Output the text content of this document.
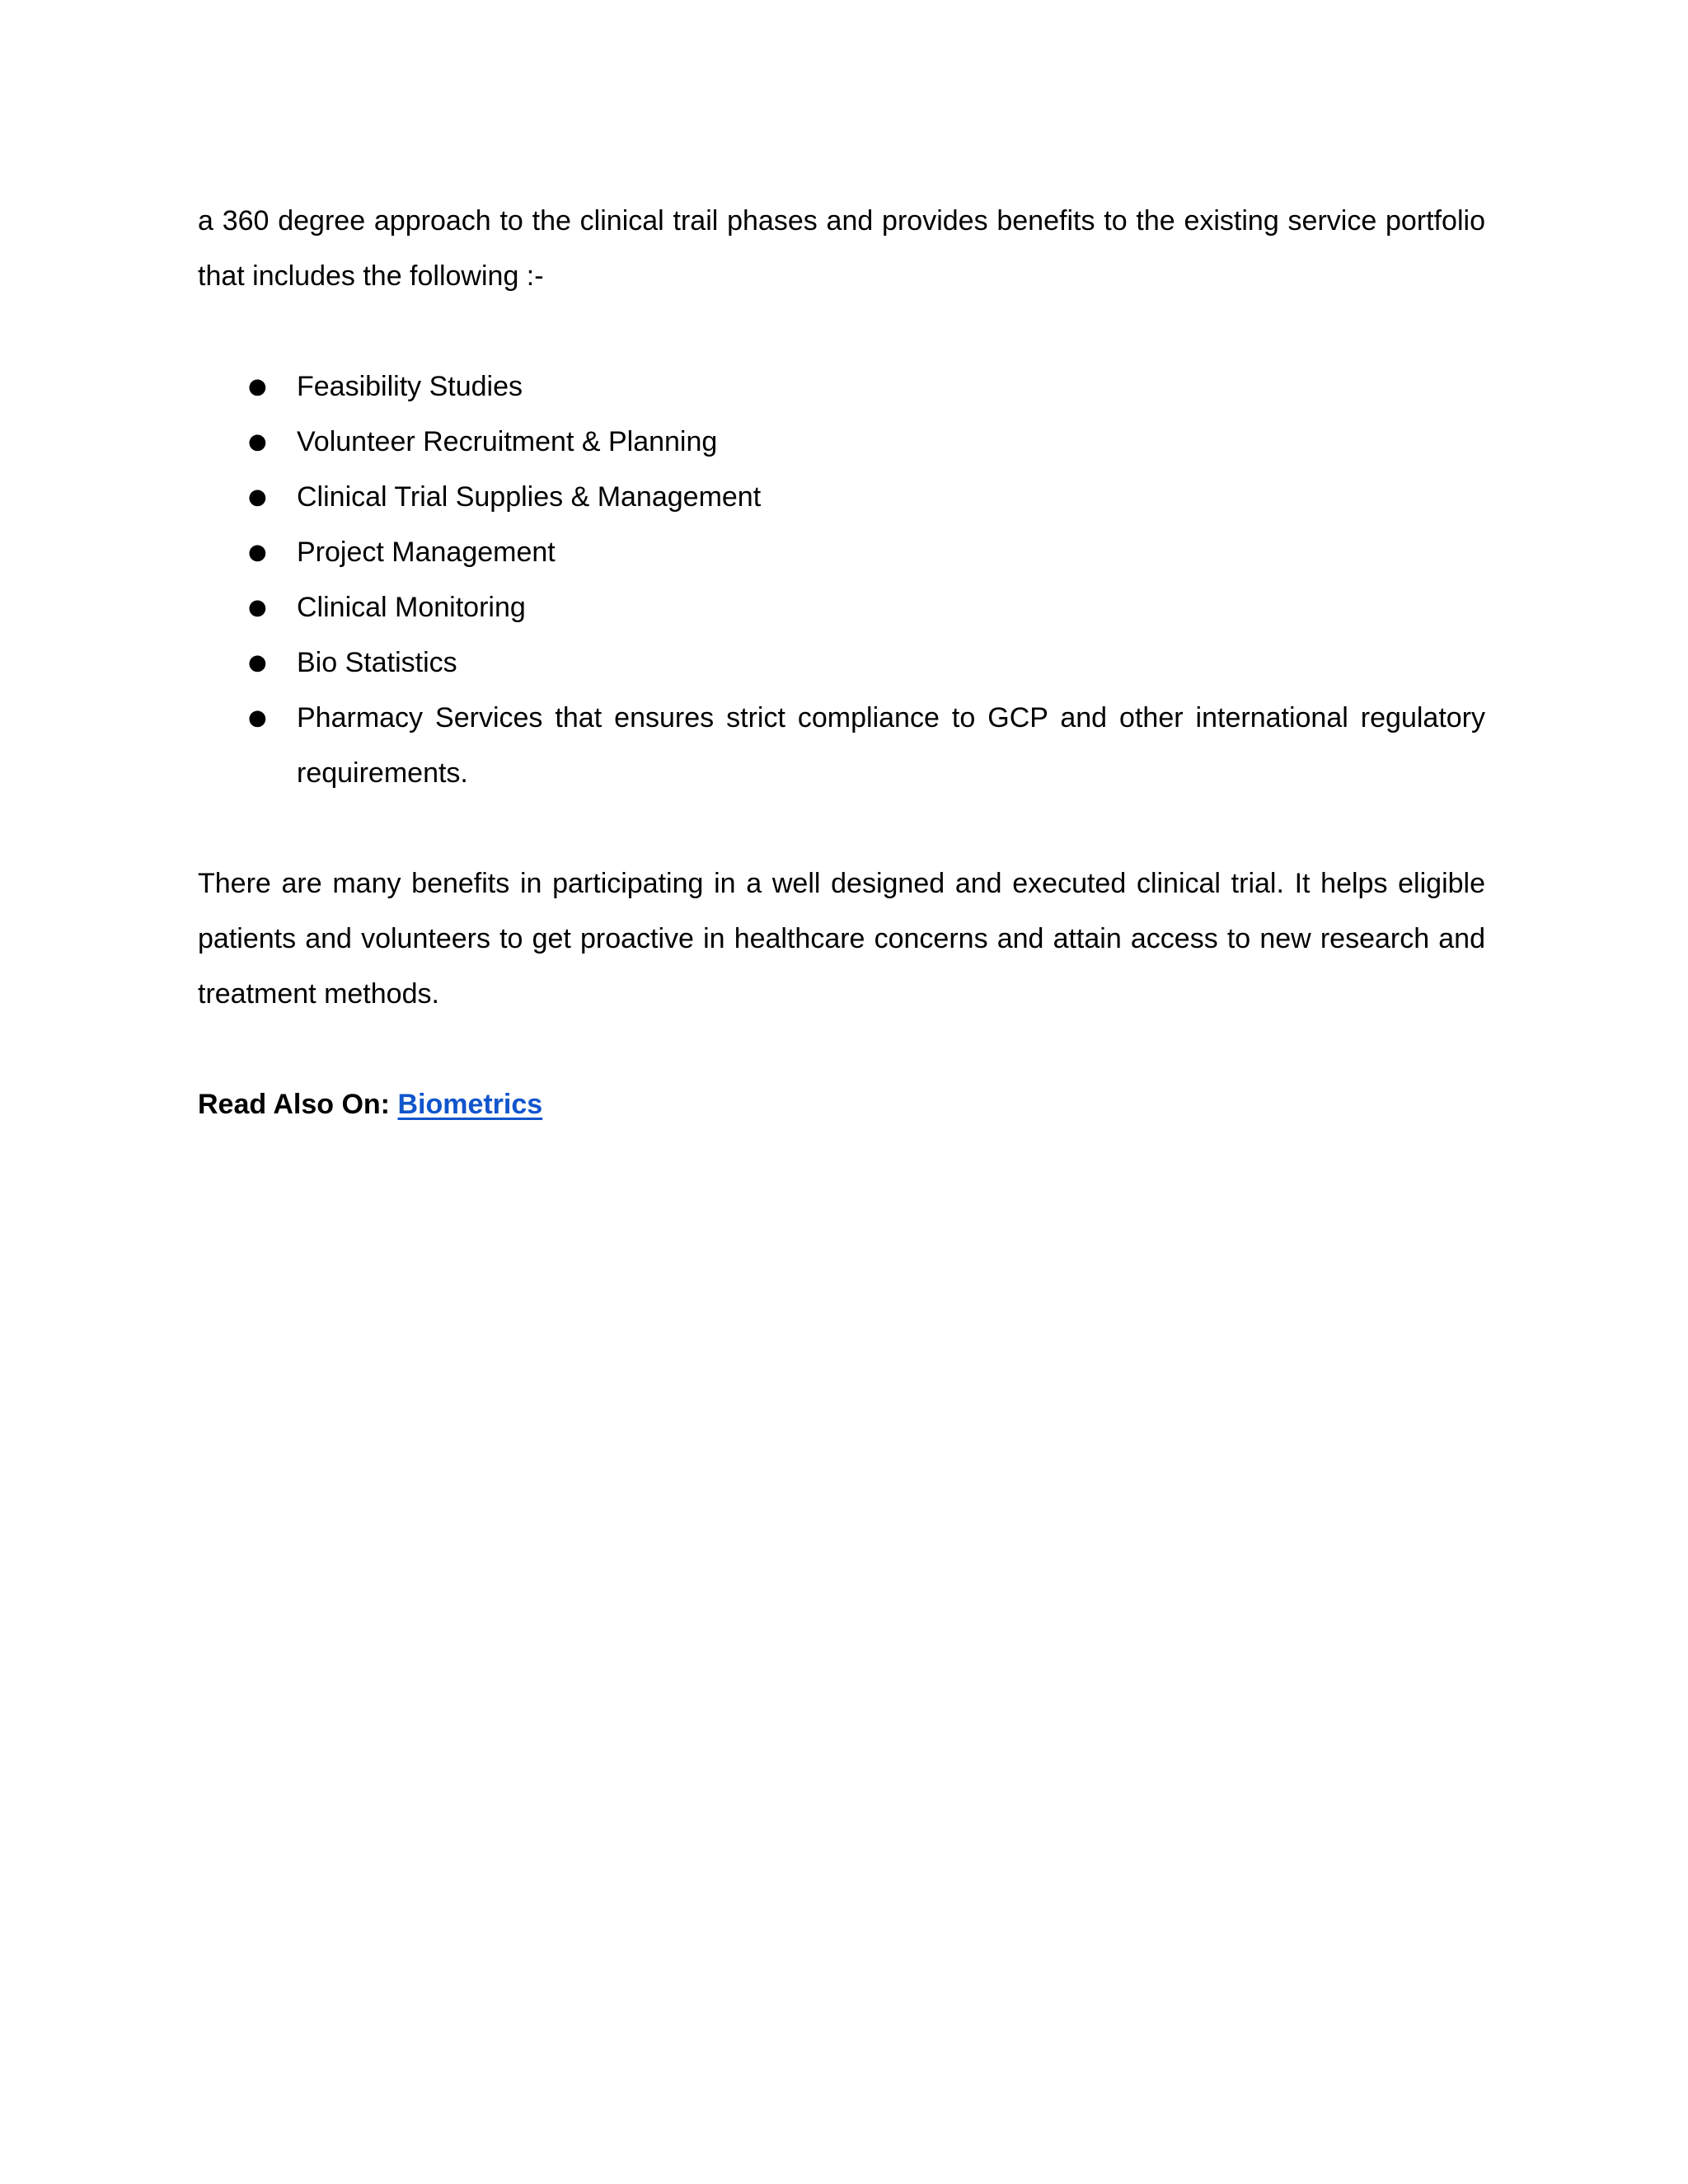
a 360 degree approach to the clinical trail phases and provides benefits to the existing service portfolio that includes the following :-

● Feasibility Studies
● Volunteer Recruitment & Planning
● Clinical Trial Supplies & Management
● Project Management
● Clinical Monitoring
● Bio Statistics
● Pharmacy Services that ensures strict compliance to GCP and other international regulatory requirements.

There are many benefits in participating in a well designed and executed clinical trial. It helps eligible patients and volunteers to get proactive in healthcare concerns and attain access to new research and treatment methods.

Read Also On: Biometrics
